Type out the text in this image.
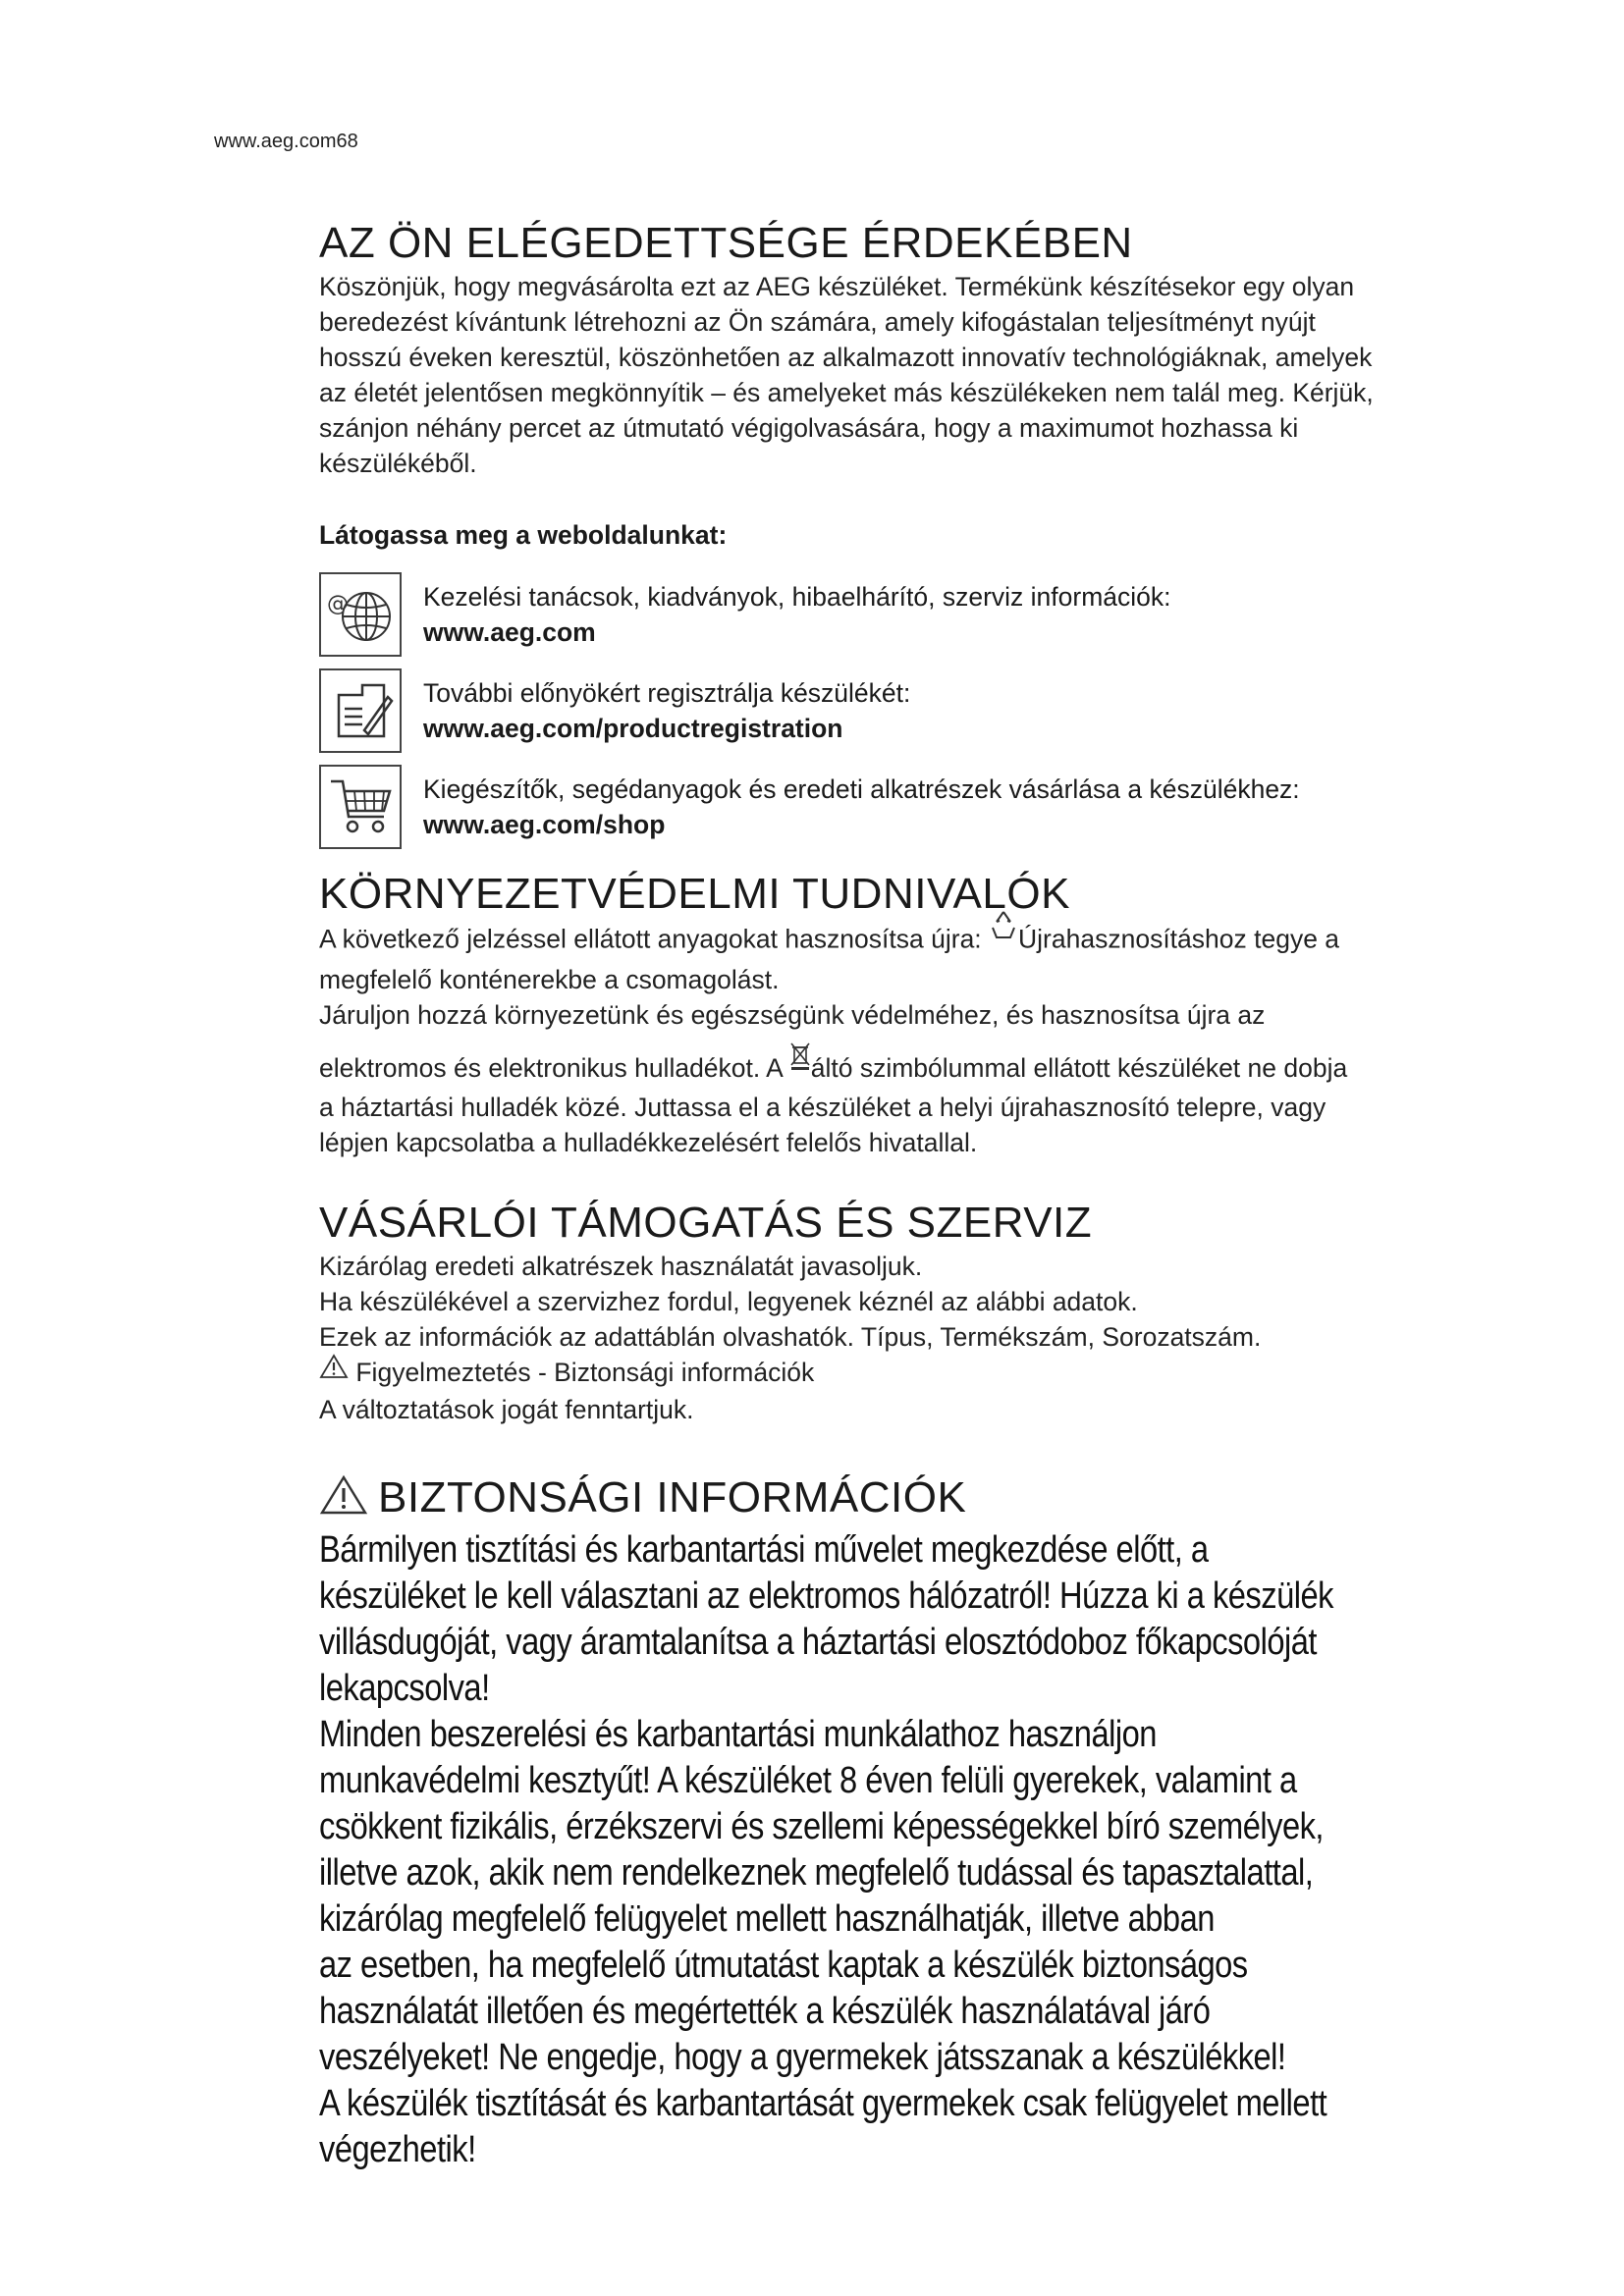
www.aeg.com68
AZ ÖN ELÉGEDETTSÉGE ÉRDEKÉBEN

Köszönjük, hogy megvásárolta ezt az AEG készüléket. Termékünk készítésekor egy olyan

beredezést kívántunk létrehozni az Ön számára, amely kifogástalan teljesítményt nyújt

hosszú éveken keresztül, köszönhetően az alkalmazott innovatív technológiáknak, amelyek

az életét jelentősen megkönnyítik – és amelyeket más készülékeken nem talál meg. Kérjük,

szánjon néhány percet az útmutató végigolvasására, hogy a maximumot hozhassa ki

készülékéből.

Látogassa meg a weboldalunkat:
@	Kezelési tanácsok, kiadványok, hibaelhárító, szerviz információk:
www.aeg.com
További előnyökért regisztrálja készülékét:
www.aeg.com/productregistration
Kiegészítők, segédanyagok és eredeti alkatrészek vásárlása a készülékhez:
www.aeg.com/shop
KÖRNYEZETVÉDELMI TUDNIVALÓK

A következő jelzéssel ellátott anyagokat hasznosítsa újra: Újrahasznosításhoz tegye a

megfelelő konténerekbe a csomagolást.

Járuljon hozzá környezetünk és egészségünk védelméhez, és hasznosítsa újra az

elektromos és elektronikus hulladékot. A áltó szimbólummal ellátott készüléket ne dobja

a háztartási hulladék közé. Juttassa el a készüléket a helyi újrahasznosító telepre, vagy

lépjen kapcsolatba a hulladékkezelésért felelős hivatallal.

VÁSÁRLÓI TÁMOGATÁS ÉS SZERVIZ

Kizárólag eredeti alkatrészek használatát javasoljuk.

Ha készülékével a szervizhez fordul, legyenek kéznél az alábbi adatok.

Ezek az információk az adattáblán olvashatók. Típus, Termékszám, Sorozatszám.

Figyelmeztetés - Biztonsági információk

A változtatások jogát fenntartjuk.

BIZTONSÁGI INFORMÁCIÓK

Bármilyen tisztítási és karbantartási művelet megkezdése előtt, a

készüléket le kell választani az elektromos hálózatról! Húzza ki a készülék

villásdugóját, vagy áramtalanítsa a háztartási elosztódoboz főkapcsolóját

lekapcsolva!

Minden beszerelési és karbantartási munkálathoz használjon

munkavédelmi kesztyűt! A készüléket 8 éven felüli gyerekek, valamint a

csökkent fizikális, érzékszervi és szellemi képességekkel bíró személyek,

illetve azok, akik nem rendelkeznek megfelelő tudással és tapasztalattal,

kizárólag megfelelő felügyelet mellett használhatják, illetve abban

az esetben, ha megfelelő útmutatást kaptak a készülék biztonságos

használatát illetően és megértették a készülék használatával járó

veszélyeket! Ne engedje, hogy a gyermekek játsszanak a készülékkel!

A készülék tisztítását és karbantartását gyermekek csak felügyelet mellett

végezhetik!
